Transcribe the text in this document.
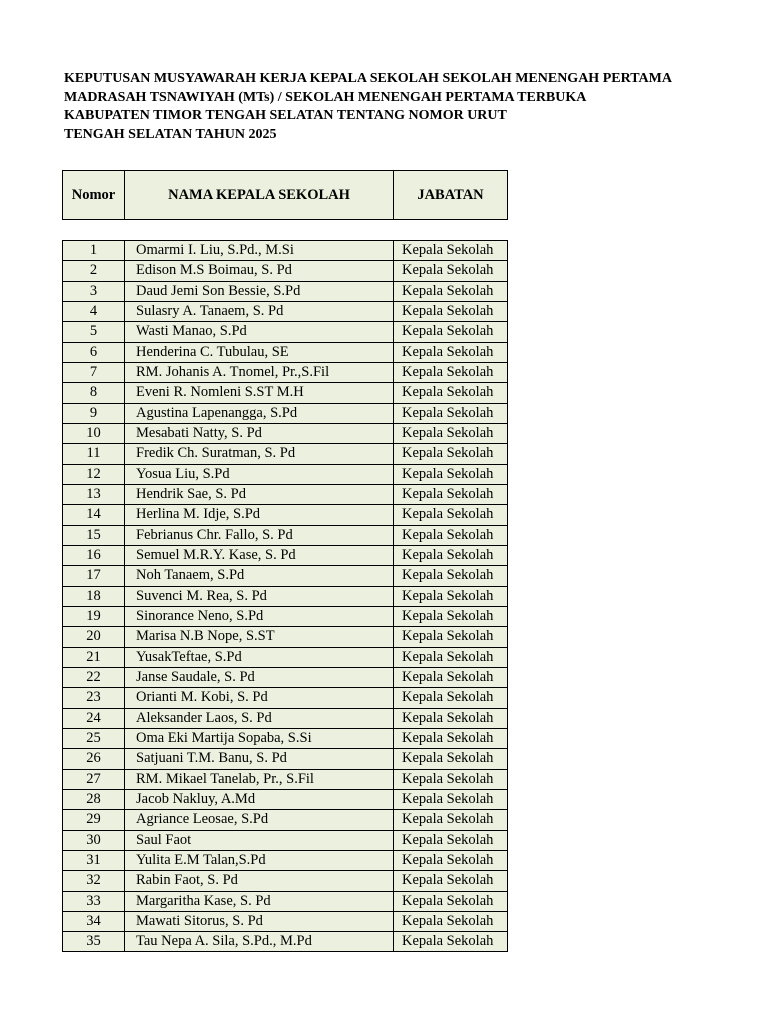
KEPUTUSAN MUSYAWARAH KERJA KEPALA SEKOLAH SEKOLAH MENENGAH PERTAMA
MADRASAH TSNAWIYAH (MTs) / SEKOLAH MENENGAH PERTAMA TERBUKA
KABUPATEN TIMOR TENGAH SELATAN TENTANG NOMOR URUT
TENGAH SELATAN TAHUN 2025
Nomor	NAMA KEPALA SEKOLAH	JABATAN
1	Omarmi I. Liu, S.Pd., M.Si	Kepala Sekolah
2	Edison M.S Boimau, S. Pd	Kepala Sekolah
3	Daud Jemi Son Bessie, S.Pd	Kepala Sekolah
4	Sulasry A. Tanaem, S. Pd	Kepala Sekolah
5	Wasti Manao, S.Pd	Kepala Sekolah
6	Henderina C. Tubulau, SE	Kepala Sekolah
7	RM. Johanis A. Tnomel, Pr.,S.Fil	Kepala Sekolah
8	Eveni R. Nomleni S.ST M.H	Kepala Sekolah
9	Agustina Lapenangga, S.Pd	Kepala Sekolah
10	Mesabati Natty, S. Pd	Kepala Sekolah
11	Fredik Ch. Suratman, S. Pd	Kepala Sekolah
12	Yosua Liu, S.Pd	Kepala Sekolah
13	Hendrik Sae, S. Pd	Kepala Sekolah
14	Herlina M. Idje, S.Pd	Kepala Sekolah
15	Febrianus Chr. Fallo, S. Pd	Kepala Sekolah
16	Semuel M.R.Y. Kase, S. Pd	Kepala Sekolah
17	Noh Tanaem, S.Pd	Kepala Sekolah
18	Suvenci M. Rea, S. Pd	Kepala Sekolah
19	Sinorance Neno, S.Pd	Kepala Sekolah
20	Marisa N.B Nope, S.ST	Kepala Sekolah
21	YusakTeftae, S.Pd	Kepala Sekolah
22	Janse Saudale, S. Pd	Kepala Sekolah
23	Orianti M. Kobi, S. Pd	Kepala Sekolah
24	Aleksander Laos, S. Pd	Kepala Sekolah
25	Oma Eki Martija Sopaba, S.Si	Kepala Sekolah
26	Satjuani T.M. Banu, S. Pd	Kepala Sekolah
27	RM. Mikael Tanelab, Pr., S.Fil	Kepala Sekolah
28	Jacob Nakluy, A.Md	Kepala Sekolah
29	Agriance Leosae, S.Pd	Kepala Sekolah
30	Saul Faot	Kepala Sekolah
31	Yulita E.M Talan,S.Pd	Kepala Sekolah
32	Rabin Faot, S. Pd	Kepala Sekolah
33	Margaritha Kase, S. Pd	Kepala Sekolah
34	Mawati Sitorus, S. Pd	Kepala Sekolah
35	Tau Nepa A. Sila, S.Pd., M.Pd	Kepala Sekolah
